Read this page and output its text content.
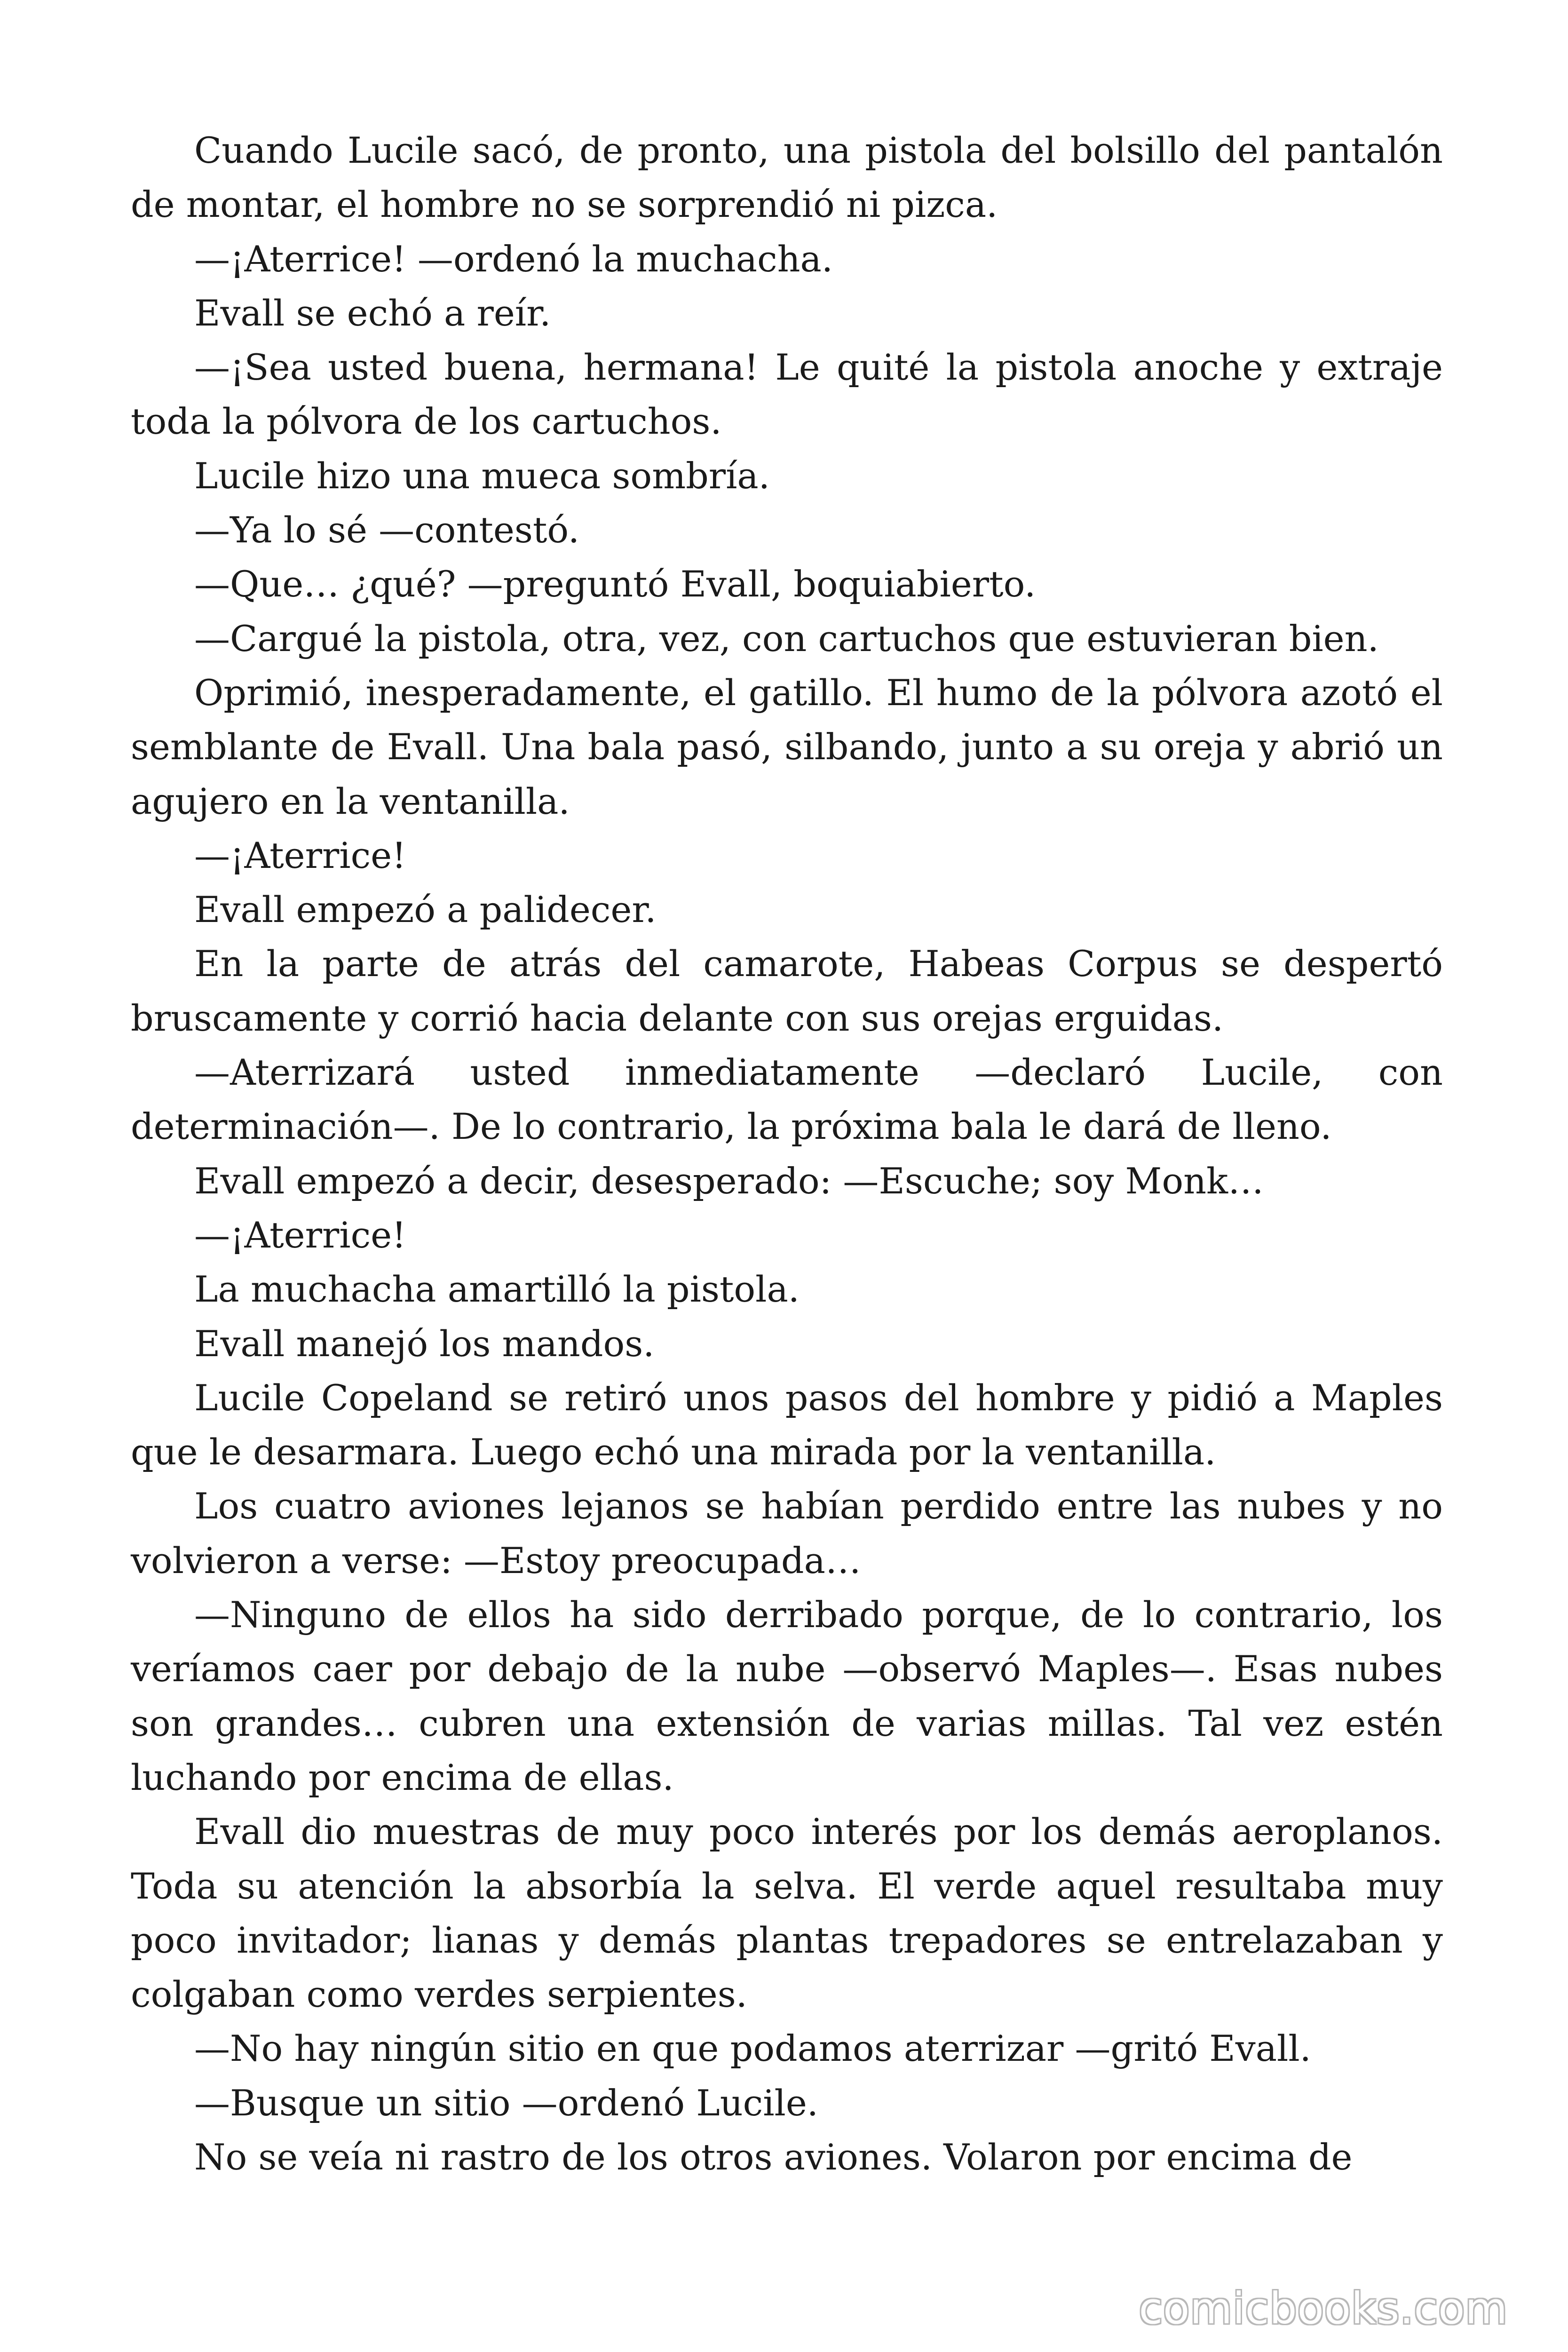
Cuando Lucile sacó, de pronto, una pistola del bolsillo del pantalón de montar, el hombre no se sorprendió ni pizca.

—¡Aterrice! —ordenó la muchacha.

Evall se echó a reír.

—¡Sea usted buena, hermana! Le quité la pistola anoche y extraje toda la pólvora de los cartuchos.

Lucile hizo una mueca sombría.

—Ya lo sé —contestó.

—Que… ¿qué? —preguntó Evall, boquiabierto.

—Cargué la pistola, otra, vez, con cartuchos que estuvieran bien.

Oprimió, inesperadamente, el gatillo. El humo de la pólvora azotó el semblante de Evall. Una bala pasó, silbando, junto a su oreja y abrió un agujero en la ventanilla.

—¡Aterrice!

Evall empezó a palidecer.

En la parte de atrás del camarote, Habeas Corpus se despertó bruscamente y corrió hacia delante con sus orejas erguidas.

—Aterrizará usted inmediatamente —declaró Lucile, con determinación—. De lo contrario, la próxima bala le dará de lleno.

Evall empezó a decir, desesperado: —Escuche; soy Monk…

—¡Aterrice!

La muchacha amartilló la pistola.

Evall manejó los mandos.

Lucile Copeland se retiró unos pasos del hombre y pidió a Maples que le desarmara. Luego echó una mirada por la ventanilla.

Los cuatro aviones lejanos se habían perdido entre las nubes y no volvieron a verse: —Estoy preocupada…

—Ninguno de ellos ha sido derribado porque, de lo contrario, los veríamos caer por debajo de la nube —observó Maples—. Esas nubes son grandes… cubren una extensión de varias millas. Tal vez estén luchando por encima de ellas.

Evall dio muestras de muy poco interés por los demás aeroplanos. Toda su atención la absorbía la selva. El verde aquel resultaba muy poco invitador; lianas y demás plantas trepadores se entrelazaban y colgaban como verdes serpientes.

—No hay ningún sitio en que podamos aterrizar —gritó Evall.

—Busque un sitio —ordenó Lucile.

No se veía ni rastro de los otros aviones. Volaron por encima de

comicbooks.com
